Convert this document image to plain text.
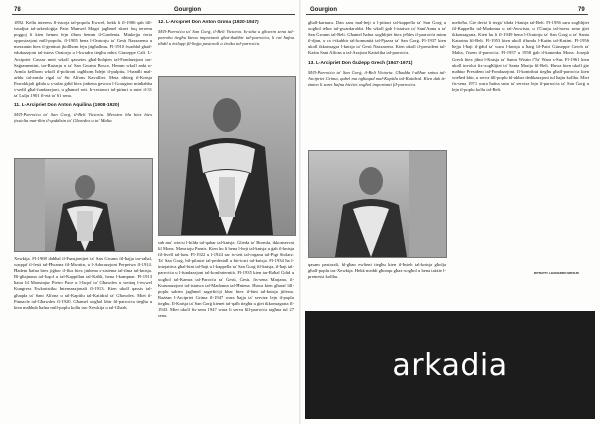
78	Gourgion

1892. Kellu interess fl-istorja tal-popolu Ewwel, hekk li fl-1906 qab lill-istudjuż tal-arkeoloġija Patri Manwel Magri jagħmel skavi fuq terrenu poggoj li kien hemm fejn illum hemm il-Gardenia. Minkejja ċerta opposizzjoni mill-popolu, fl-1905 bena l-Oratorju ta' Gesù Nazzarenu u mezzanin biex il-ġenituri jkollhom fejn jitgħallmu. Fl-1910 fwaddal ghad-edukazzjoni tal-istess Oratorju u l-kwadru tiegħu mhix Giuseppe Calì. L-Arcipriet Cassar miet wkoll qasseies għal-ħolqien tal-Fondazzjoni tas-Saġramentini, tar-Rużarju u ta' San Gwann Bosco. Hemm wkoll anki n-Armla kellhom wkoll il-poltroni tagħhom ħdejn il-pulpitu, l-bandli mal-arblu tal-armla rigal ta' Sir Alfons Kavallier. Meta nħtieġ il-Knisja Parrokkjali ġdida u s-sular ġdid biex jinbena ġewwa l-Gourgion minħabba s-sedil għal-fondazzjoni, u għamel sett. Ir-restawri tal-pitturi u miet il-31 ta' Lulju 1901 fl-età ta' 61 sena.

11. L-Arcipriet Don Anton Aquilina (1908-1920)

M/Il-Parroċċa ta' San Ġorġ, il-Belt Victoria. Mexxien bla biex biex jissielta mat-tħin il-qaddisin ta' Għawdex u ta' Malta.

Xewkija. Fl-1908 daħħal il-Funzjonijiet ta' San Gwann fil-ħajja tar-raħal, waqqaf il-festi tal-Ħwarna fil-Mwatin, u l-Adorazzjoni Perpetwa fl-1914. Ħadem ħafna biex jiġbor il-flus biex jinbena s-sistema tal-ilma tal-knisja. Bl-għajnuna tal-Isqof u tal-Kappillan tal-Kaħli, bena l-kampnar. Fl-1913 ħatar lil Monsinjur Pietro Pace u l-Isqof ta' Għawdex u wettaq l-ewwel Kungress Ewkaristiku Internazzjonali fl-1913. Kien ukoll qassis tal-għaqda ta' Sant Alfonz u tal-Kapitlu tal-Katidral ta' Għawdex. Miet il-Pinnacle tal-Għawdex fl-1920. Għamel xogħol kbir fil-parroċċa tiegħu u kien maħbub ħafna mill-poplu kollu tax-Xewkija u tal-Għarb.

12. L-Arcipriet Don Anton Grima (1920-1947)

M/Il-Parroċċa ta' San Ġorġ, il-Belt Victoria. Is-sitta u għoxrin sena tal-parroka tiegħu kienu importanti għat-tkabbir tal-parroċċa, li rat ħafna tibdil u żvilupp fil-ħajja pastorali u ċivika tal-parroċċa.

sab mu' wieċu l-bilda tal-qabar tal-knisja. Ġlieda ta' Bormla, ikkonservat lil Mons. Mawrizju Parnis. Kien hu li bena l-bejt tal-knisja u ġab il-knisja fil-livell tal-lum. Fl-1922 u l-1924 sar is-sett tal-organu tal-Pigi Stolarz. Ta' San Ġorġ, bil-pilastri tal-pedestall u bit-torri tal-knisja. Fl-1934 ħa l-inizjattiva għal-bini tal-ħajt u l-kappella ta' San Ġorġ fil-knisja, il-ħajt tal-parroċċa u l-fundazzjoni tal-konfraternità. Fl-1935 kien tar-Raħal Ġdid u xogħol tal-Kamra tal-Paroċċa ta' Ġesù, Ġesù, fis-sena Marjana, il-Kurunazzjoni tal-istatwa tal-Madonna tal-Ħniena. Huwa kien għaraf lill-poplu sabiex jagħmel sagrifiċċji kbar biex il-bini tal-knisja jitlesta. Rażżan l-Arcipriet Grima fl-1947 wara ħajja ta' servizz lejn il-poplu tiegħu. Il-Knisja ta' San Ġorġ kienet tal-qalb tiegħu u ġiet ikkonsagrata fl-1943. Miet ukoll fis-sena 1947 wara li serva lill-parroċċa tagħna tul 27 sena.

Gourgion	79

għall-karnaru. Dan saru mal-bejt u l-pitturi tal-kappella ta' San Ġorġ u xogħol ieħor tal-gwardarobbi. Hu wkoll ġab l-istatwa ta' Sant'Anna u ta' San Ġwann tal-Belt. Għamel ħafna xogħlijiet biex jeħles il-parroċċa minn il-djun, u ra t-tkabbir tal-komunità tal-Pjazza ta' San Ġorġ. Fl-1937 kien ukoll ikkonsagra l-knisja ta' Ġesù Nazzarenu. Kien ukoll il-president tal-Każin Sant Alfons u tal-Azzjoni Kattolika tal-parroċċa.

13. L-Arcipriet Don Ġużepp Grech (1947-1971)

M/Il-Parroċċa ta' San Ġorġ, il-Belt Victoria. Għadda l-aħħar sninu tal-Arcipriet Grima, qabel ma ngħaqad mal-Kapitlu tal-Katidral. Kien dak iż-żmien li saret ħafna biċċiet xogħol importanti fil-parroċċa.

qasam pastorali, bl-għan ewlieni tiegħu kien il-ħsieb tal-knisja għolja għall-poplu tas-Xewkija. Hekk meddi għonqu għax-xogħol u bena tażżie l-premessi kollha.

mefteħa. Ġie deċiż li terġa' tibda l-knisja tal-Belt. Fl-1956 saru xogħlijiet fil-Kappella tal-Madonna u tal-Awwista, u f'Ġunju tal-istess sena ġiet ikkonsagrata. Kien hu li fl-1949 bena l-Oratorju ta' San Ġorġ u ta' Santa Katarina fil-Belt. Fl-1953 kien ukoll iffunda l-Każin tal-Każini. Fl-1956 ħejja l-ħajt il-ġdid ta' wara l-knisja u ħarġ lil-Patri Giuseppe Grech ta' Malta, f'isem il-parroċċa. Fl-1957 u 1958 ġab il-kanonku Mons. Joseph Grech biex jibni l-Knisja ta' Santu Wistin f'Ta' Wara s-Sur. Fl-1961 kien ukoll involut fix-xogħlijiet ta' Santa Marija fil-Belt. Huwa kien ukoll ġie maħtur President tal-Fondazzjoni. Il-kontribut tiegħu għall-parroċċa kien wieħed kbir, u serva lill-poplu bl-akbar dedikazzjoni tul ħajtu kollha. Miet fis-sena 1971 wara ħafna snin ta' servizz lejn il-parroċċa ta' San Ġorġ u lejn il-poplu kollu tal-Belt.

RITRATTI: LEONARDO MIFSUD
arkadia
